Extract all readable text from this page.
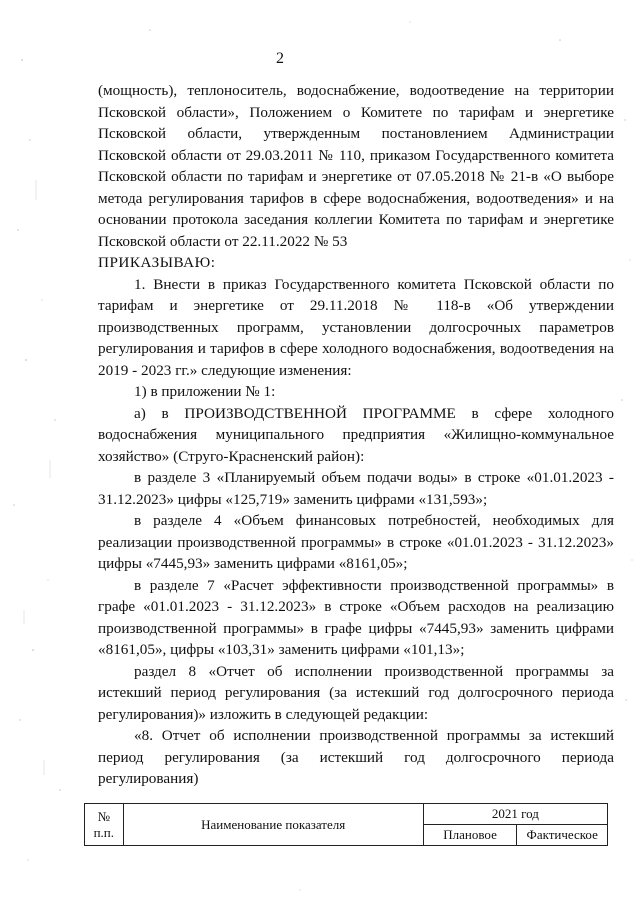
2

(мощность), теплоноситель, водоснабжение, водоотведение на территории Псковской области», Положением о Комитете по тарифам и энергетике Псковской области, утвержденным постановлением Администрации Псковской области от 29.03.2011 № 110, приказом Государственного комитета Псковской области по тарифам и энергетике от 07.05.2018 № 21-в «О выборе метода регулирования тарифов в сфере водоснабжения, водоотведения» и на основании протокола заседания коллегии Комитета по тарифам и энергетике Псковской области от 22.11.2022 № 53

ПРИКАЗЫВАЮ:

1. Внести в приказ Государственного комитета Псковской области по тарифам и энергетике от 29.11.2018 № 118-в «Об утверждении производственных программ, установлении долгосрочных параметров регулирования и тарифов в сфере холодного водоснабжения, водоотведения на 2019 - 2023 гг.» следующие изменения:

1) в приложении № 1:

а) в ПРОИЗВОДСТВЕННОЙ ПРОГРАММЕ в сфере холодного водоснабжения муниципального предприятия «Жилищно-коммунальное хозяйство» (Струго-Красненский район):

в разделе 3 «Планируемый объем подачи воды» в строке «01.01.2023 - 31.12.2023» цифры «125,719» заменить цифрами «131,593»;

в разделе 4 «Объем финансовых потребностей, необходимых для реализации производственной программы» в строке «01.01.2023 - 31.12.2023» цифры «7445,93» заменить цифрами «8161,05»;

в разделе 7 «Расчет эффективности производственной программы» в графе «01.01.2023 - 31.12.2023» в строке «Объем расходов на реализацию производственной программы» в графе цифры «7445,93» заменить цифрами «8161,05», цифры «103,31» заменить цифрами «101,13»;

раздел 8 «Отчет об исполнении производственной программы за истекший период регулирования (за истекший год долгосрочного периода регулирования)» изложить в следующей редакции:

«8. Отчет об исполнении производственной программы за истекший период регулирования (за истекший год долгосрочного периода регулирования)

№ п.п.	Наименование показателя	2021 год	
		Плановое	Фактическое
